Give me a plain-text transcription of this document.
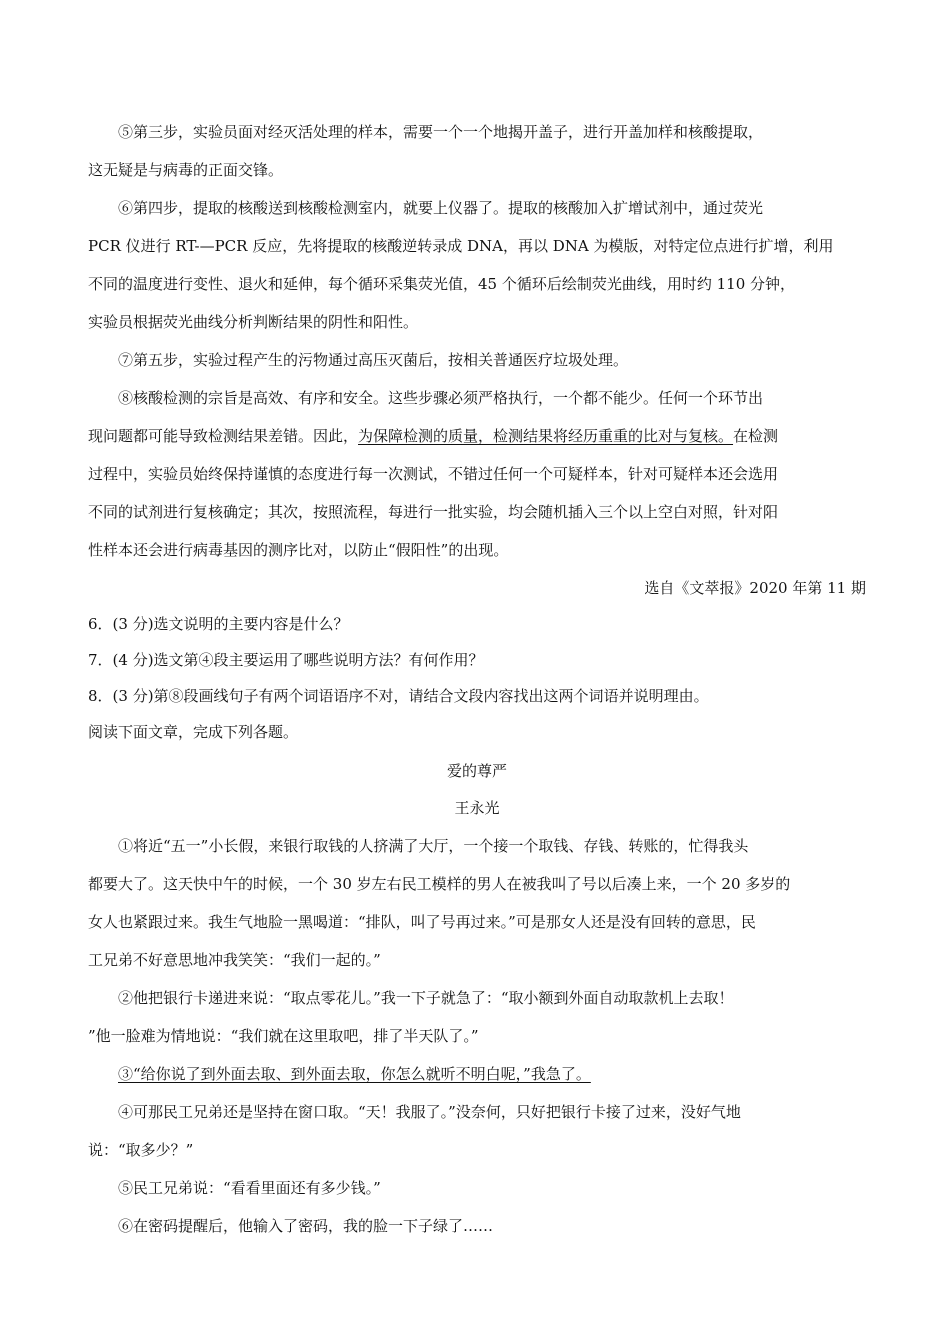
⑤第三步，实验员面对经灭活处理的样本，需要一个一个地揭开盖子，进行开盖加样和核酸提取，
这无疑是与病毒的正面交锋。
⑥第四步，提取的核酸送到核酸检测室内，就要上仪器了。提取的核酸加入扩增试剂中，通过荧光
PCR 仪进行 RT-—PCR 反应，先将提取的核酸逆转录成 DNA，再以 DNA 为模版，对特定位点进行扩增，利用
不同的温度进行变性、退火和延伸，每个循环采集荧光值，45 个循环后绘制荧光曲线，用时约 110 分钟，
实验员根据荧光曲线分析判断结果的阴性和阳性。
⑦第五步，实验过程产生的污物通过高压灭菌后，按相关普通医疗垃圾处理。
⑧核酸检测的宗旨是高效、有序和安全。这些步骤必须严格执行，一个都不能少。任何一个环节出
现问题都可能导致检测结果差错。因此，为保障检测的质量，检测结果将经历重重的比对与复核。在检测
过程中，实验员始终保持谨慎的态度进行每一次测试，不错过任何一个可疑样本，针对可疑样本还会选用
不同的试剂进行复核确定；其次，按照流程，每进行一批实验，均会随机插入三个以上空白对照，针对阳
性样本还会进行病毒基因的测序比对，以防止“假阳性”的出现。
选自《文萃报》2020 年第 11 期
6．(3 分)选文说明的主要内容是什么？
7．(4 分)选文第④段主要运用了哪些说明方法？有何作用？
8．(3 分)第⑧段画线句子有两个词语语序不对，请结合文段内容找出这两个词语并说明理由。
阅读下面文章，完成下列各题。
爱的尊严
王永光
①将近“五一”小长假，来银行取钱的人挤满了大厅，一个接一个取钱、存钱、转账的，忙得我头
都要大了。这天快中午的时候，一个 30 岁左右民工模样的男人在被我叫了号以后凑上来，一个 20 多岁的
女人也紧跟过来。我生气地脸一黑喝道：“排队，叫了号再过来。”可是那女人还是没有回转的意思，民
工兄弟不好意思地冲我笑笑：“我们一起的。”
②他把银行卡递进来说：“取点零花儿。”我一下子就急了：“取小额到外面自动取款机上去取！
”他一脸难为情地说：“我们就在这里取吧，排了半天队了。”
③“给你说了到外面去取、到外面去取，你怎么就听不明白呢，”我急了。
④可那民工兄弟还是坚持在窗口取。“天！我服了。”没奈何，只好把银行卡接了过来，没好气地
说：“取多少？”
⑤民工兄弟说：“看看里面还有多少钱。”
⑥在密码提醒后，他输入了密码，我的脸一下子绿了……
